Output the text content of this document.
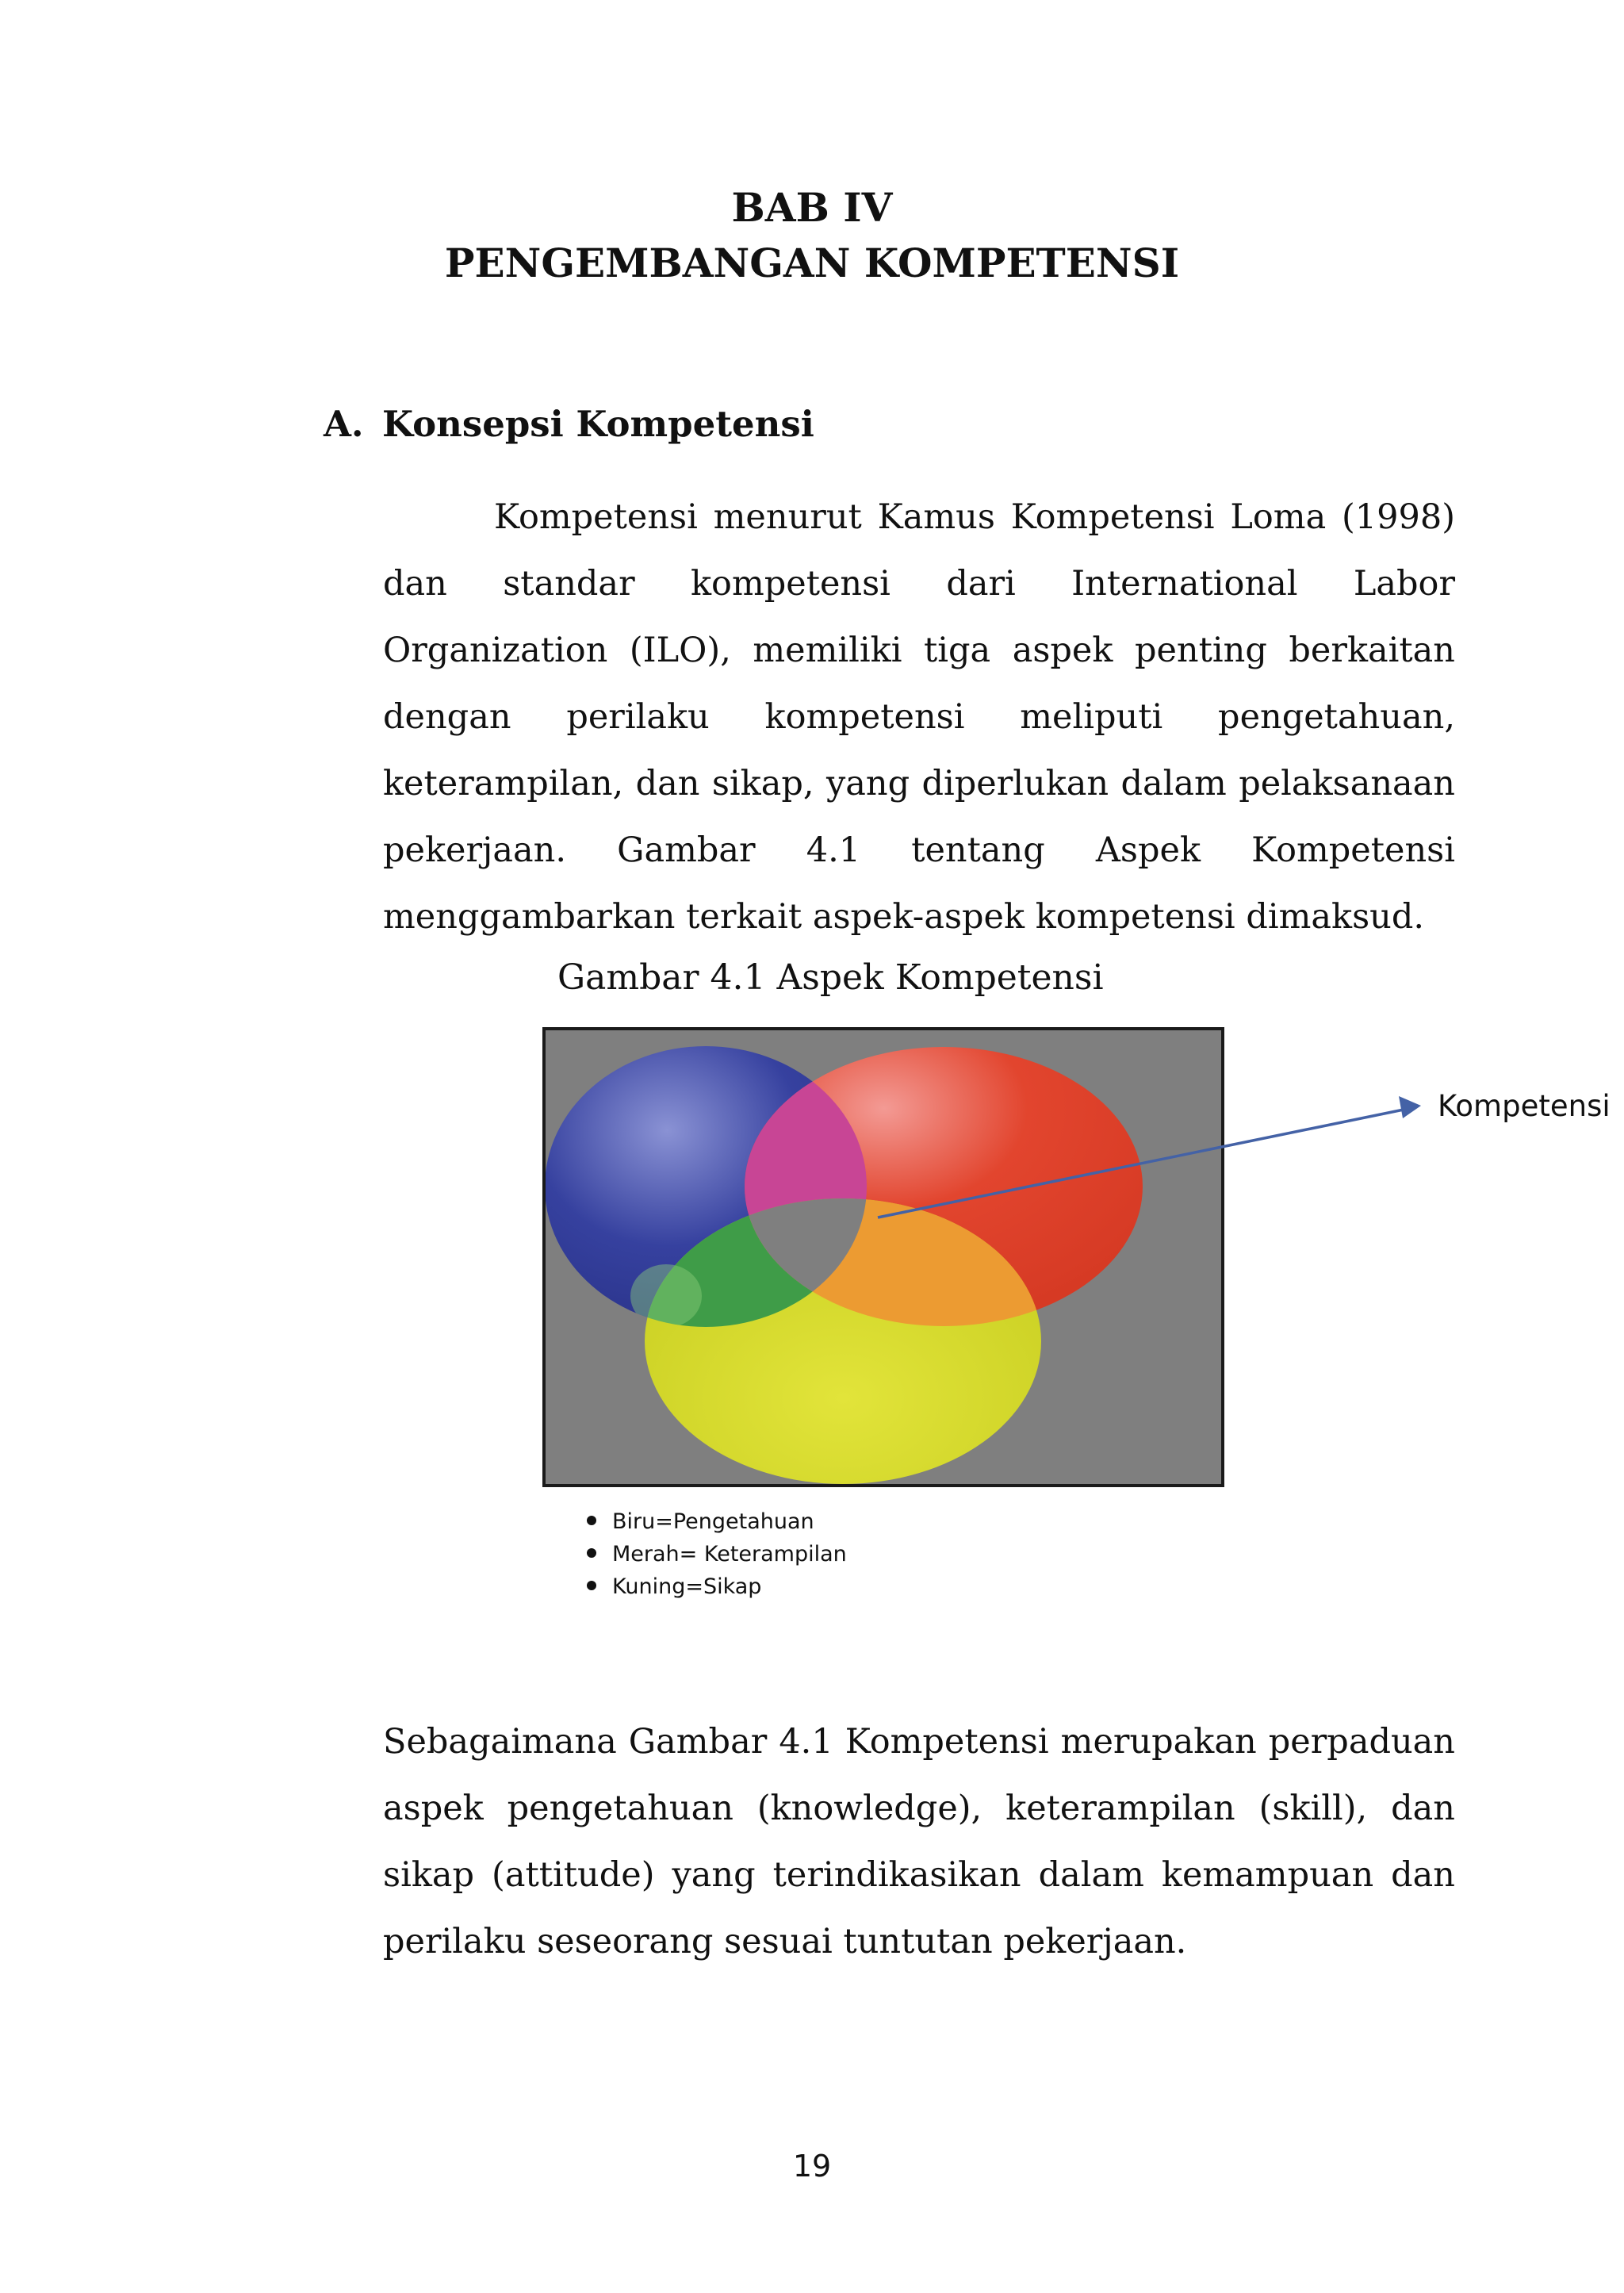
BAB IV
PENGEMBANGAN KOMPETENSI
A. Konsepsi Kompetensi

Kompetensi menurut Kamus Kompetensi Loma (1998) dan standar kompetensi dari International Labor Organization (ILO), memiliki tiga aspek penting berkaitan dengan perilaku kompetensi meliputi pengetahuan, keterampilan, dan sikap, yang diperlukan dalam pelaksanaan pekerjaan. Gambar 4.1 tentang Aspek Kompetensi menggambarkan terkait aspek-aspek kompetensi dimaksud.

Gambar 4.1 Aspek Kompetensi
Kompetensi
Biru=Pengetahuan
Merah= Keterampilan
Kuning=Sikap

Sebagaimana Gambar 4.1 Kompetensi merupakan perpaduan aspek pengetahuan (knowledge), keterampilan (skill), dan sikap (attitude) yang terindikasikan dalam kemampuan dan perilaku seseorang sesuai tuntutan pekerjaan.

19
